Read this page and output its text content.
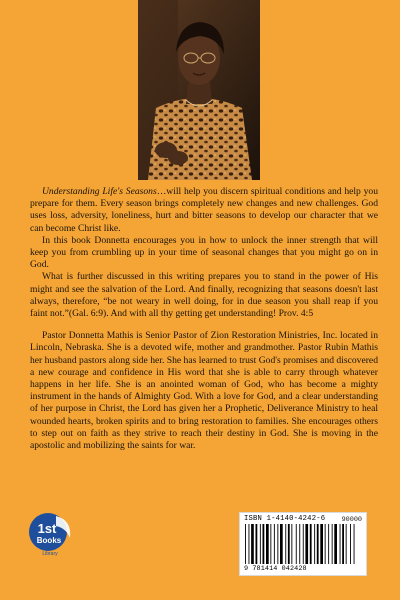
Understanding Life's Seasons…will help you discern spiritual conditions and help you prepare for them. Every season brings completely new changes and new challenges. God uses loss, adversity, loneliness, hurt and bitter seasons to develop our character that we can become Christ like.

In this book Donnetta encourages you in how to unlock the inner strength that will keep you from crumbling up in your time of seasonal changes that you might go on in God.

What is further discussed in this writing prepares you to stand in the power of His might and see the salvation of the Lord. And finally, recognizing that seasons doesn't last always, therefore, “be not weary in well doing, for in due season you shall reap if you faint not.”(Gal. 6:9). And with all thy getting get understanding! Prov. 4:5

Pastor Donnetta Mathis is Senior Pastor of Zion Restoration Ministries, Inc. located in Lincoln, Nebraska. She is a devoted wife, mother and grandmother. Pastor Rubin Mathis her husband pastors along side her. She has learned to trust God's promises and discovered a new courage and confidence in His word that she is able to carry through whatever happens in her life. She is an anointed woman of God, who has become a mighty instrument in the hands of Almighty God. With a love for God, and a clear understanding of her purpose in Christ, the Lord has given her a Prophetic, Deliverance Ministry to heal wounded hearts, broken spirits and to bring restoration to families. She encourages others to step out on faith as they strive to reach their destiny in God. She is moving in the apostolic and mobilizing the saints for war.

1st
Books
Library
ISBN 1-4140-4242-6
9 781414 042428
90000
